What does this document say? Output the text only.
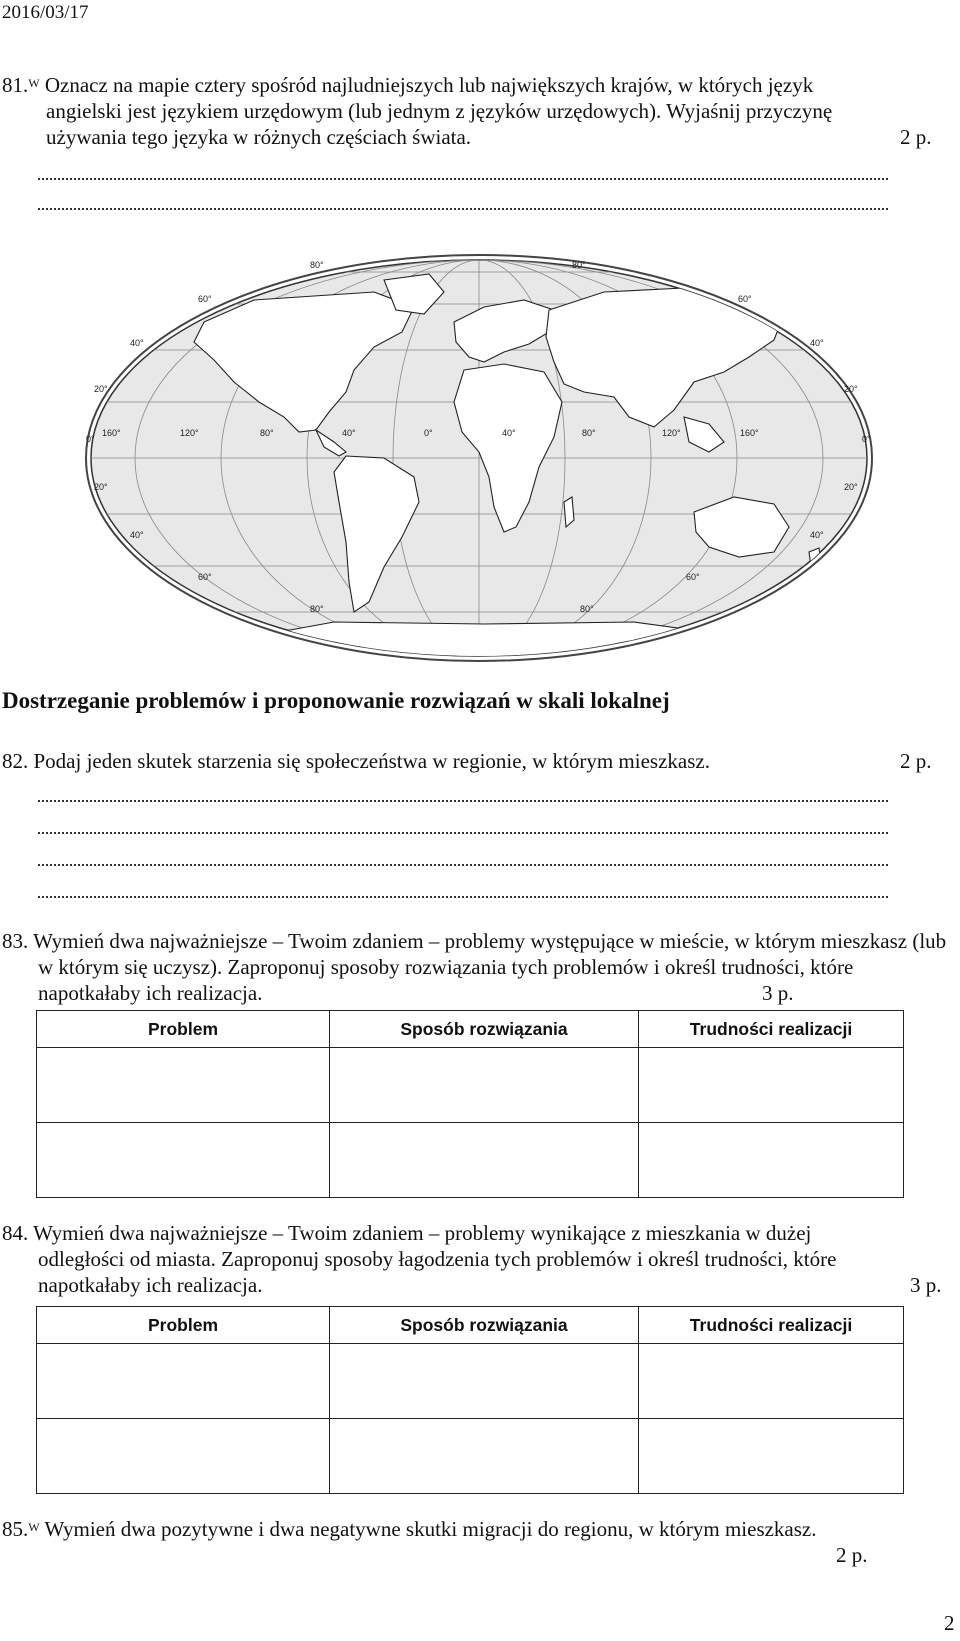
2016/03/17
81.$^W$ Oznacz na mapie cztery spośród najludniejszych lub największych krajów, w których język
angielski jest językiem urzędowym (lub jednym z języków urzędowych). Wyjaśnij przyczynę
używania tego języka w różnych częściach świata.	2 p.
80°	80°
60°	60°
40°	40°
20°	20°
0°	0°
20°	20°
40°	40°
60°	60°
80°	80°
160°	120°	80°	40°	0°	40°	80°	120°	160°
Dostrzeganie problemów i proponowanie rozwiązań w skali lokalnej
82. Podaj jeden skutek starzenia się społeczeństwa w regionie, w którym mieszkasz.	2 p.
83. Wymień dwa najważniejsze – Twoim zdaniem – problemy występujące w mieście, w którym mieszkasz (lub
w którym się uczysz). Zaproponuj sposoby rozwiązania tych problemów i określ trudności, które
napotkałaby ich realizacja.	3 p.
Problem	Sposób rozwiązania	Trudności realizacji

84. Wymień dwa najważniejsze – Twoim zdaniem – problemy wynikające z mieszkania w dużej
odległości od miasta. Zaproponuj sposoby łagodzenia tych problemów i określ trudności, które
napotkałaby ich realizacja.	3 p.
Problem	Sposób rozwiązania	Trudności realizacji

85.$^W$ Wymień dwa pozytywne i dwa negatywne skutki migracji do regionu, w którym mieszkasz.
2 p.
2
